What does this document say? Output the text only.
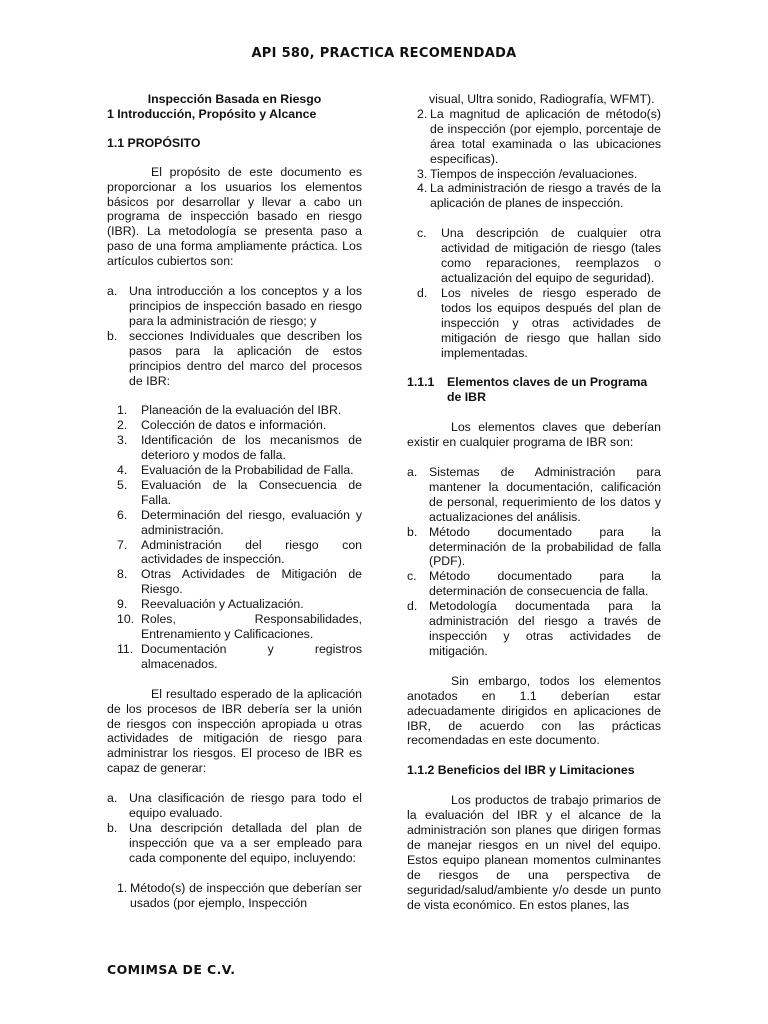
API 580, PRACTICA RECOMENDADA
Inspección Basada en Riesgo
1 Introducción, Propósito y Alcance
1.1 PROPÓSITO
El propósito de este documento es proporcionar a los usuarios los elementos básicos por desarrollar y llevar a cabo un programa de inspección basado en riesgo (IBR). La metodología se presenta paso a paso de una forma ampliamente práctica. Los artículos cubiertos son:
a. Una introducción a los conceptos y a los principios de inspección basado en riesgo para la administración de riesgo; y
b. secciones Individuales que describen los pasos para la aplicación de estos principios dentro del marco del procesos de IBR:
1.	Planeación de la evaluación del IBR.
2.	Colección de datos e información.
3.	Identificación de los mecanismos de deterioro y modos de falla.
4.	Evaluación de la Probabilidad de Falla.
5.	Evaluación de la Consecuencia de Falla.
6.	Determinación del riesgo, evaluación y administración.
7.	Administración del riesgo con actividades de inspección.
8.	Otras Actividades de Mitigación de Riesgo.
9.	Reevaluación y Actualización.
10. Roles, Responsabilidades, Entrenamiento y Calificaciones.
11. Documentación y registros almacenados.
El resultado esperado de la aplicación de los procesos de IBR debería ser la unión de riesgos con inspección apropiada u otras actividades de mitigación de riesgo para administrar los riesgos. El proceso de IBR es capaz de generar:
a. Una clasificación de riesgo para todo el equipo evaluado.
b. Una descripción detallada del plan de inspección que va a ser empleado para cada componente del equipo, incluyendo:
1. Método(s) de inspección que deberían ser usados (por ejemplo, Inspección
visual, Ultra sonido, Radiografía, WFMT).
2. La magnitud de aplicación de método(s) de inspección (por ejemplo, porcentaje de área total examinada o las ubicaciones especificas).
3. Tiempos de inspección /evaluaciones.
4. La administración de riesgo a través de la aplicación de planes de inspección.
c.	Una descripción de cualquier otra actividad de mitigación de riesgo (tales como reparaciones, reemplazos o actualización del equipo de seguridad).
d.	Los niveles de riesgo esperado de todos los equipos después del plan de inspección y otras actividades de mitigación de riesgo que hallan sido implementadas.
1.1.1	Elementos claves de un Programa de IBR
Los elementos claves que deberían existir en cualquier programa de IBR son:
a. Sistemas de Administración para mantener la documentación, calificación de personal, requerimiento de los datos y actualizaciones del análisis.
b. Método documentado para la determinación de la probabilidad de falla (PDF).
c.	Método documentado para la determinación de consecuencia de falla.
d. Metodología documentada para la administración del riesgo a través de inspección y otras actividades de mitigación.
Sin embargo, todos los elementos anotados en 1.1 deberían estar adecuadamente dirigidos en aplicaciones de IBR, de acuerdo con las prácticas recomendadas en este documento.
1.1.2 Beneficios del IBR y Limitaciones
Los productos de trabajo primarios de la evaluación del IBR y el alcance de la administración son planes que dirigen formas de manejar riesgos en un nivel del equipo. Estos equipo planean momentos culminantes de riesgos de una perspectiva de seguridad/salud/ambiente y/o desde un punto de vista económico. En estos planes, las
COMIMSA DE C.V.
